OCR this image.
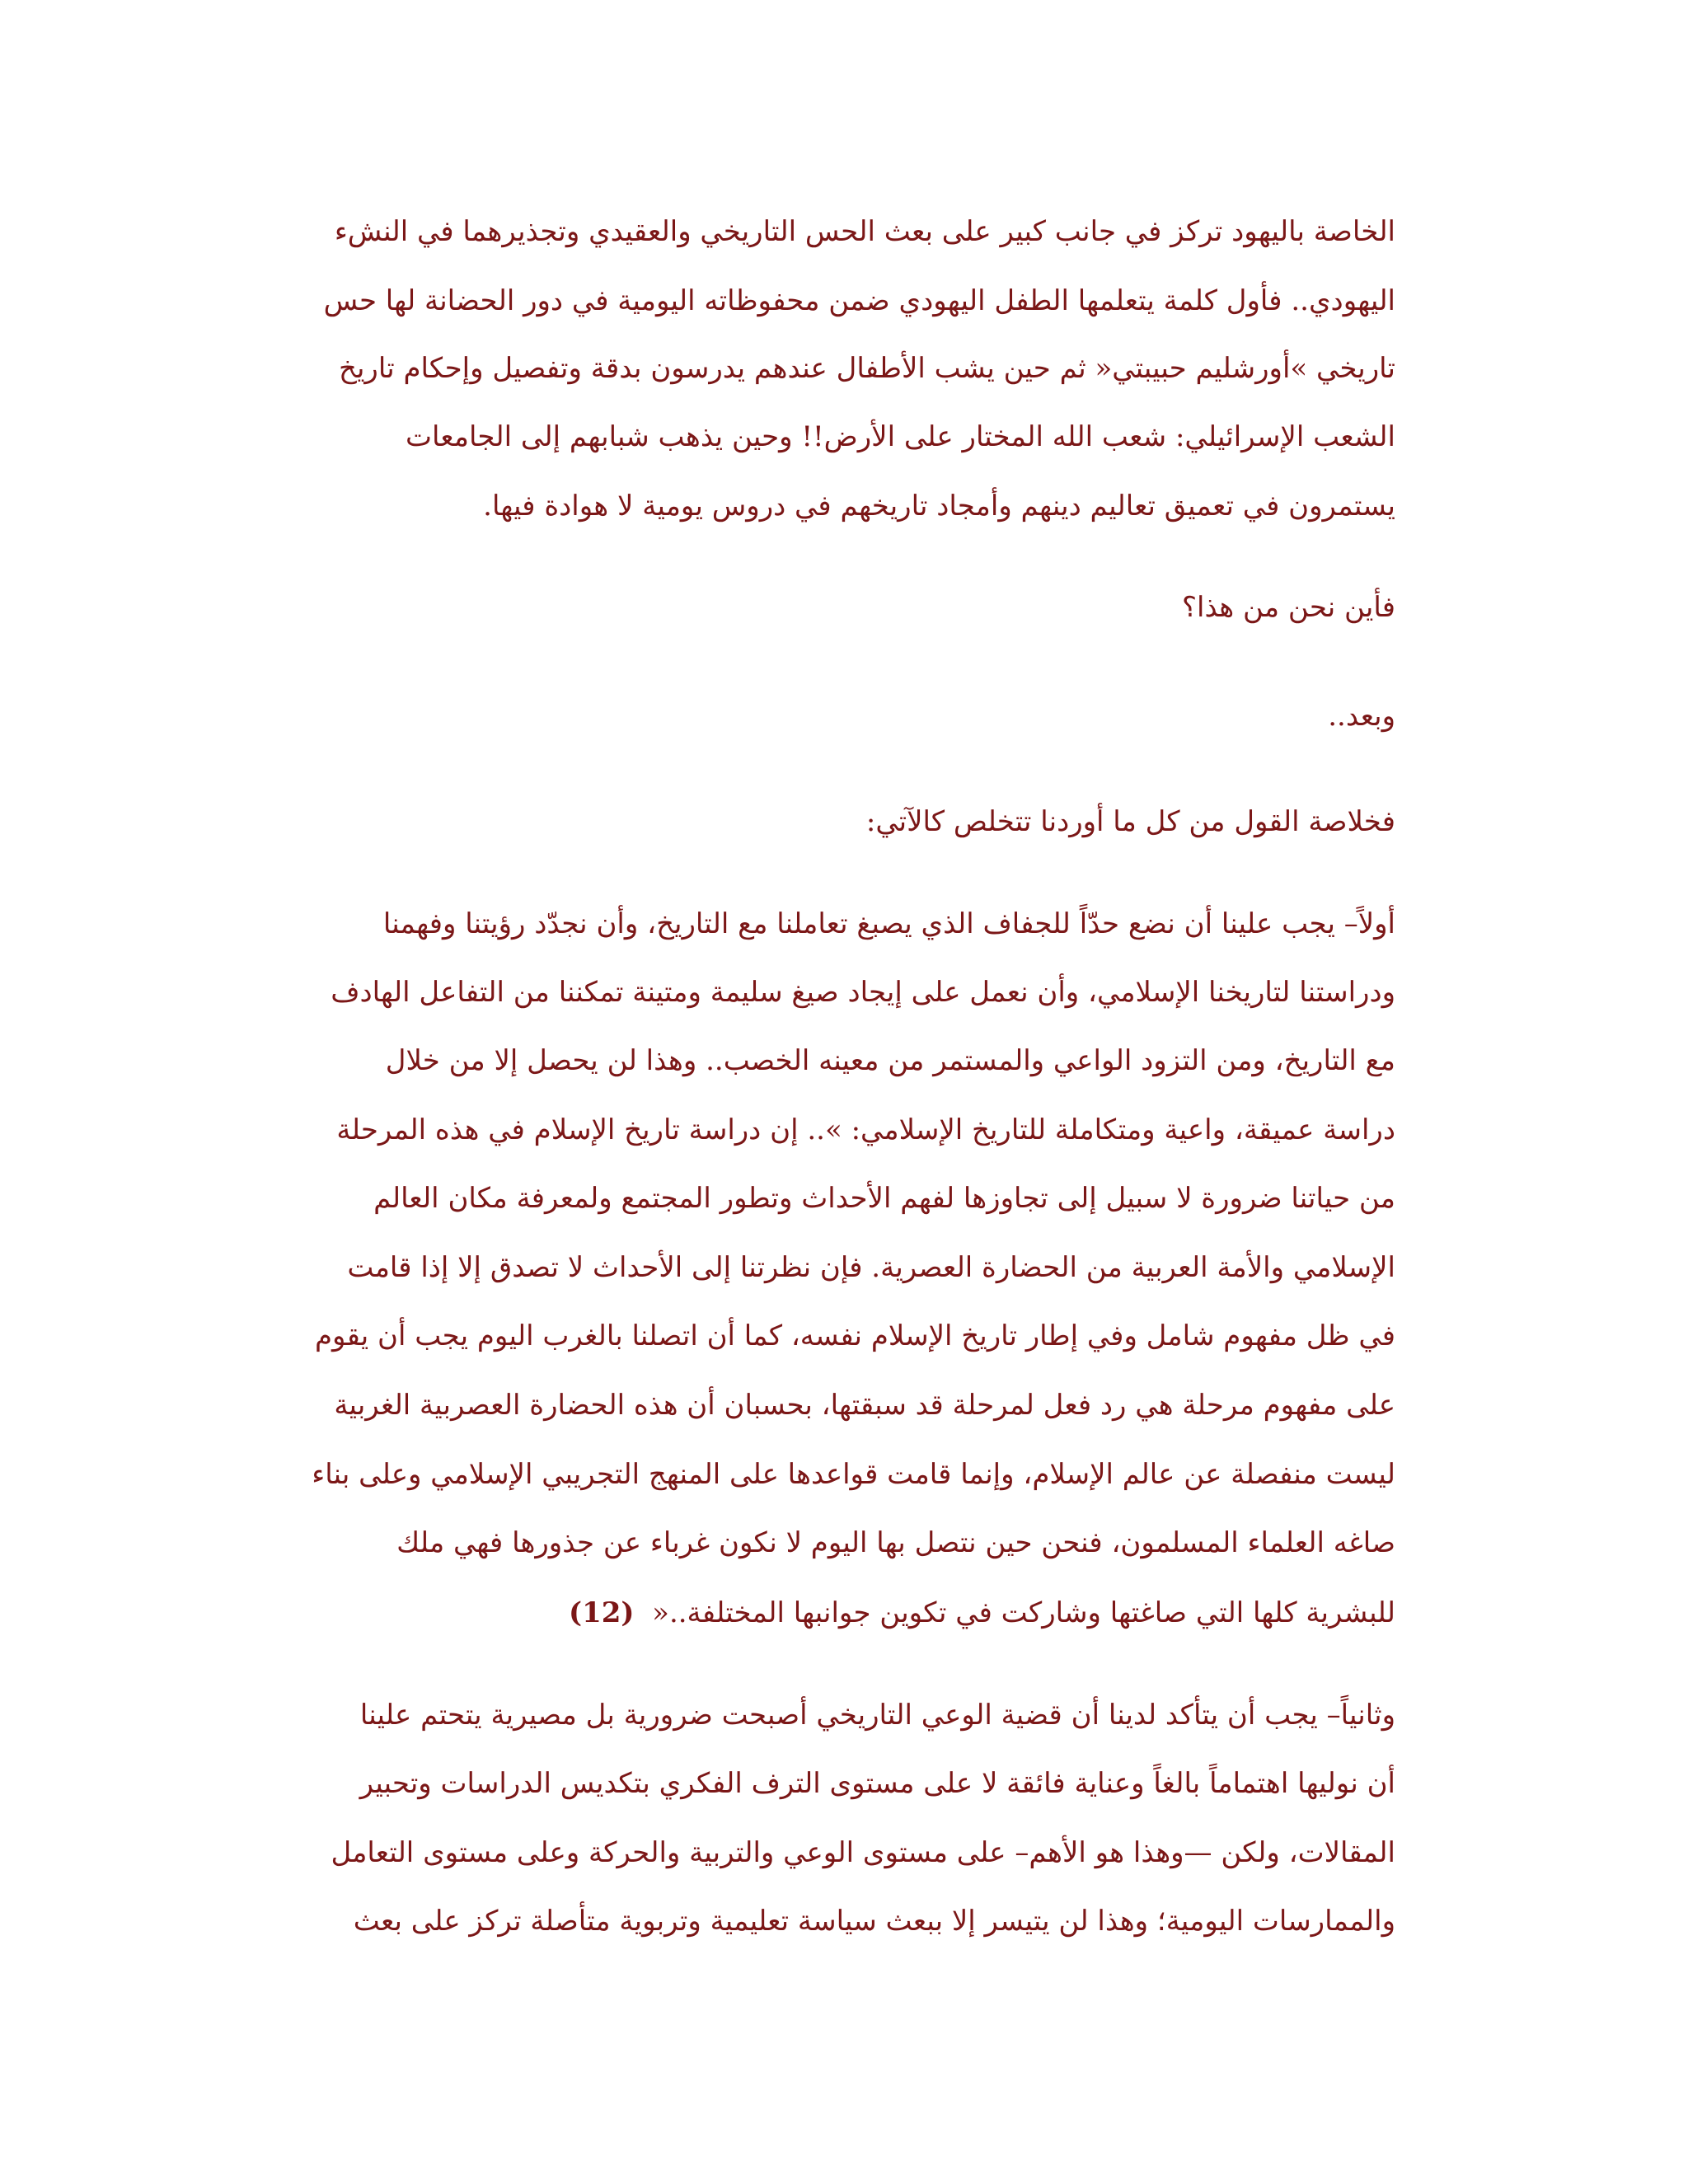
الخاصة باليهود تركز في جانب كبير على بعث الحس التاريخي والعقيدي وتجذيرهما في النشء

اليهودي.. فأول كلمة يتعلمها الطفل اليهودي ضمن محفوظاته اليومية في دور الحضانة لها حس

تاريخي »أورشليم حبيبتي« ثم حين يشب الأطفال عندهم يدرسون بدقة وتفصيل وإحكام تاريخ

الشعب الإسرائيلي: شعب الله المختار على الأرض!! وحين يذهب شبابهم إلى الجامعات

يستمرون في تعميق تعاليم دينهم وأمجاد تاريخهم في دروس يومية لا هوادة فيها.

فأين نحن من هذا؟

وبعد..

فخلاصة القول من كل ما أوردنا تتخلص كالآتي:

أولاً– يجب علينا أن نضع حدّاً للجفاف الذي يصبغ تعاملنا مع التاريخ، وأن نجدّد رؤيتنا وفهمنا

ودراستنا لتاريخنا الإسلامي، وأن نعمل على إيجاد صيغ سليمة ومتينة تمكننا من التفاعل الهادف

مع التاريخ، ومن التزود الواعي والمستمر من معينه الخصب.. وهذا لن يحصل إلا من خلال

دراسة عميقة، واعية ومتكاملة للتاريخ الإسلامي: ».. إن دراسة تاريخ الإسلام في هذه المرحلة

من حياتنا ضرورة لا سبيل إلى تجاوزها لفهم الأحداث وتطور المجتمع ولمعرفة مكان العالم

الإسلامي والأمة العربية من الحضارة العصرية. فإن نظرتنا إلى الأحداث لا تصدق إلا إذا قامت

في ظل مفهوم شامل وفي إطار تاريخ الإسلام نفسه، كما أن اتصلنا بالغرب اليوم يجب أن يقوم

على مفهوم مرحلة هي رد فعل لمرحلة قد سبقتها، بحسبان أن هذه الحضارة العصربية الغربية

ليست منفصلة عن عالم الإسلام، وإنما قامت قواعدها على المنهج التجريبي الإسلامي وعلى بناء

صاغه العلماء المسلمون، فنحن حين نتصل بها اليوم لا نكون غرباء عن جذورها فهي ملك

للبشرية كلها التي صاغتها وشاركت في تكوين جوانبها المختلفة..«  (12)

وثانياً– يجب أن يتأكد لدينا أن قضية الوعي التاريخي أصبحت ضرورية بل مصيرية يتحتم علينا

أن نوليها اهتماماً بالغاً وعناية فائقة لا على مستوى الترف الفكري بتكديس الدراسات وتحبير

المقالات، ولكن —وهذا هو الأهم– على مستوى الوعي والتربية والحركة وعلى مستوى التعامل

والممارسات اليومية؛ وهذا لن يتيسر إلا ببعث سياسة تعليمية وتربوية متأصلة تركز على بعث
